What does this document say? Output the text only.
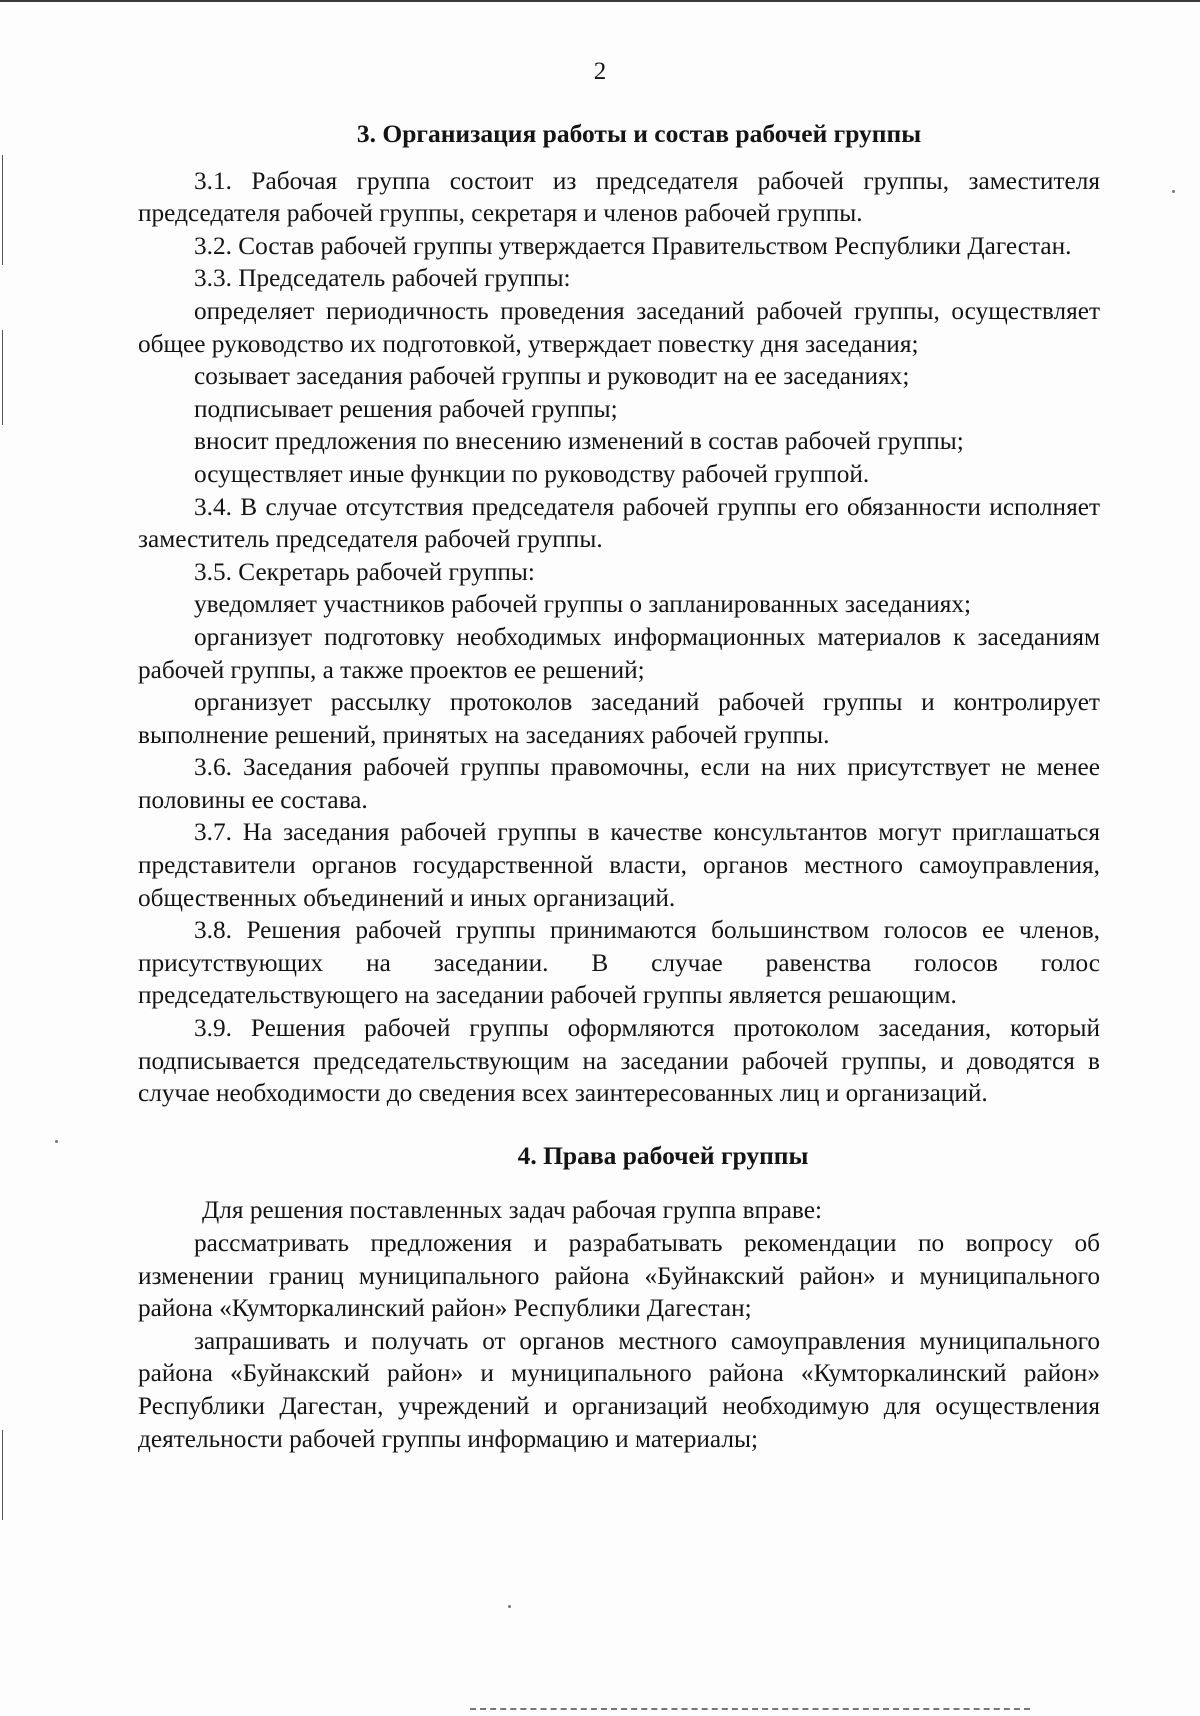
2
3. Организация работы и состав рабочей группы

3.1. Рабочая группа состоит из председателя рабочей группы, заместителя председателя рабочей группы, секретаря и членов рабочей группы.

3.2. Состав рабочей группы утверждается Правительством Республики Дагестан.

3.3. Председатель рабочей группы:

определяет периодичность проведения заседаний рабочей группы, осуществляет общее руководство их подготовкой, утверждает повестку дня заседания;

созывает заседания рабочей группы и руководит на ее заседаниях;

подписывает решения рабочей группы;

вносит предложения по внесению изменений в состав рабочей группы;

осуществляет иные функции по руководству рабочей группой.

3.4. В случае отсутствия председателя рабочей группы его обязанности исполняет заместитель председателя рабочей группы.

3.5. Секретарь рабочей группы:

уведомляет участников рабочей группы о запланированных заседаниях;

организует подготовку необходимых информационных материалов к заседаниям рабочей группы, а также проектов ее решений;

организует рассылку протоколов заседаний рабочей группы и контролирует выполнение решений, принятых на заседаниях рабочей группы.

3.6. Заседания рабочей группы правомочны, если на них присутствует не менее половины ее состава.

3.7. На заседания рабочей группы в качестве консультантов могут приглашаться представители органов государственной власти, органов местного самоуправления, общественных объединений и иных организаций.

3.8. Решения рабочей группы принимаются большинством голосов ее членов, присутствующих на заседании. В случае равенства голосов голос председательствующего на заседании рабочей группы является решающим.

3.9. Решения рабочей группы оформляются протоколом заседания, который подписывается председательствующим на заседании рабочей группы, и доводятся в случае необходимости до сведения всех заинтересованных лиц и организаций.

4. Права рабочей группы

Для решения поставленных задач рабочая группа вправе:

рассматривать предложения и разрабатывать рекомендации по вопросу об изменении границ муниципального района «Буйнакский район» и муниципального района «Кумторкалинский район» Республики Дагестан;

запрашивать и получать от органов местного самоуправления муниципального района «Буйнакский район» и муниципального района «Кумторкалинский район» Республики Дагестан, учреждений и организаций необходимую для осуществления деятельности рабочей группы информацию и материалы;
